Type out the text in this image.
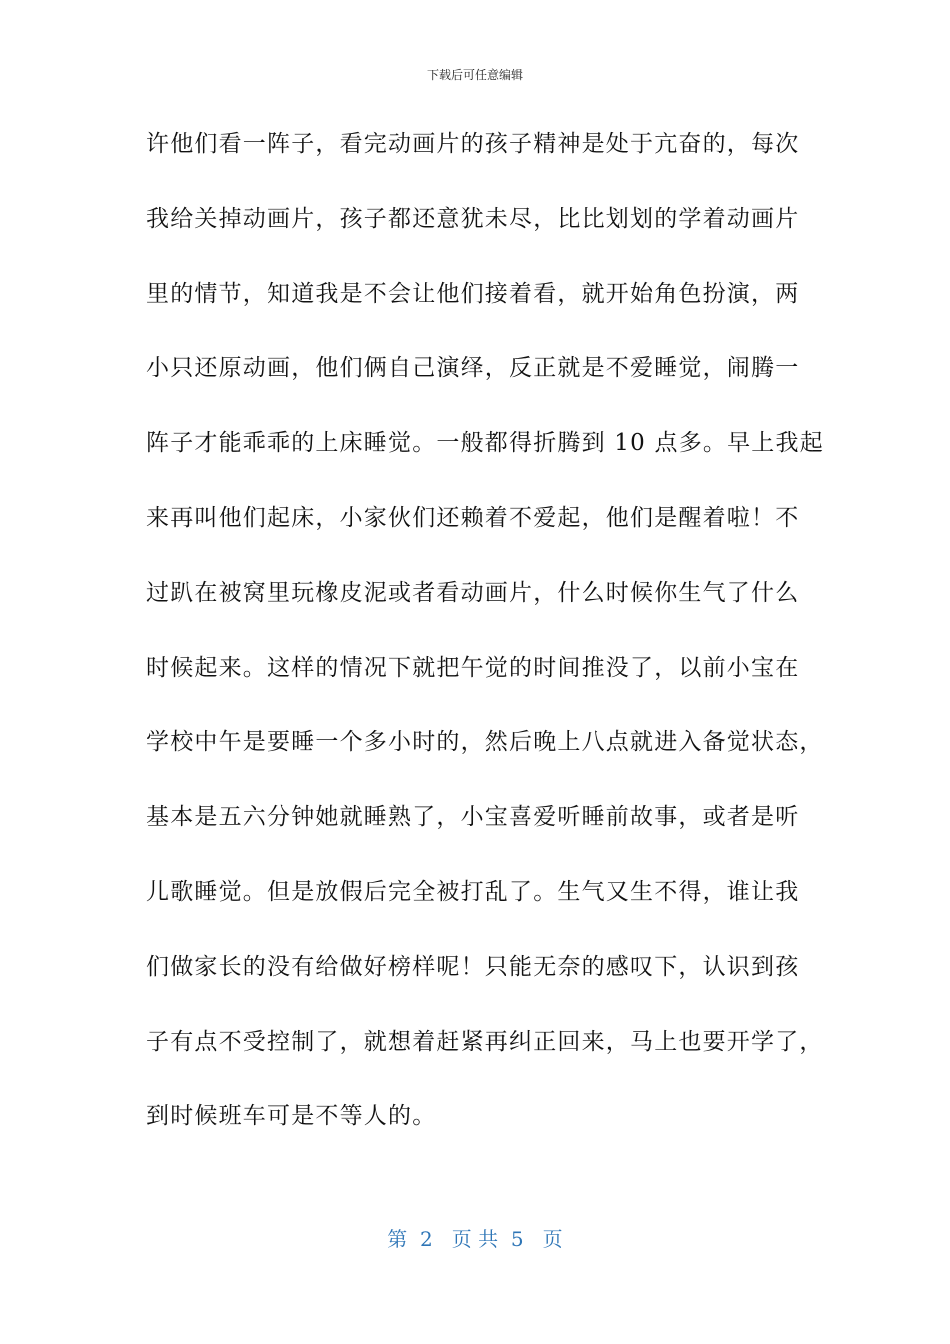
下载后可任意编辑
许他们看一阵子，看完动画片的孩子精神是处于亢奋的，每次
我给关掉动画片，孩子都还意犹未尽，比比划划的学着动画片
里的情节，知道我是不会让他们接着看，就开始角色扮演，两
小只还原动画，他们俩自己演绎，反正就是不爱睡觉，闹腾一
阵子才能乖乖的上床睡觉。一般都得折腾到 10 点多。早上我起
来再叫他们起床，小家伙们还赖着不爱起，他们是醒着啦！不
过趴在被窝里玩橡皮泥或者看动画片，什么时候你生气了什么
时候起来。这样的情况下就把午觉的时间推没了，以前小宝在
学校中午是要睡一个多小时的，然后晚上八点就进入备觉状态，
基本是五六分钟她就睡熟了，小宝喜爱听睡前故事，或者是听
儿歌睡觉。但是放假后完全被打乱了。生气又生不得，谁让我
们做家长的没有给做好榜样呢！只能无奈的感叹下，认识到孩
子有点不受控制了，就想着赶紧再纠正回来，马上也要开学了，
到时候班车可是不等人的。
第  2   页 共  5   页
